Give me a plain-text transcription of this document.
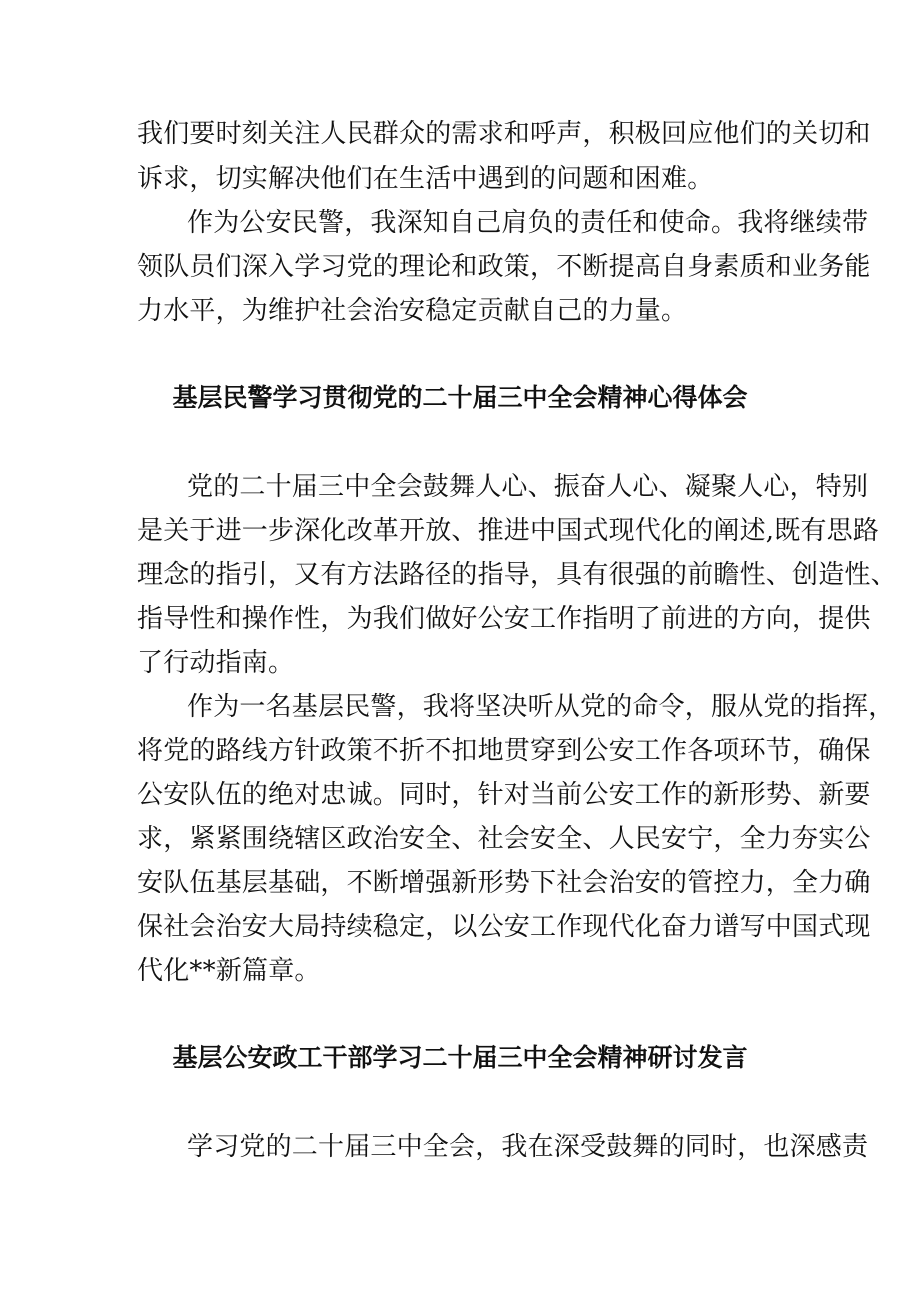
我们要时刻关注人民群众的需求和呼声，积极回应他们的关切和
诉求，切实解决他们在生活中遇到的问题和困难。
作为公安民警，我深知自己肩负的责任和使命。我将继续带
领队员们深入学习党的理论和政策，不断提高自身素质和业务能
力水平，为维护社会治安稳定贡献自己的力量。
基层民警学习贯彻党的二十届三中全会精神心得体会
党的二十届三中全会鼓舞人心、振奋人心、凝聚人心，特别
是关于进一步深化改革开放、推进中国式现代化的阐述,既有思路
理念的指引，又有方法路径的指导，具有很强的前瞻性、创造性、
指导性和操作性，为我们做好公安工作指明了前进的方向，提供
了行动指南。
作为一名基层民警，我将坚决听从党的命令，服从党的指挥，
将党的路线方针政策不折不扣地贯穿到公安工作各项环节，确保
公安队伍的绝对忠诚。同时，针对当前公安工作的新形势、新要
求，紧紧围绕辖区政治安全、社会安全、人民安宁，全力夯实公
安队伍基层基础，不断增强新形势下社会治安的管控力，全力确
保社会治安大局持续稳定，以公安工作现代化奋力谱写中国式现
代化**新篇章。
基层公安政工干部学习二十届三中全会精神研讨发言
学习党的二十届三中全会，我在深受鼓舞的同时，也深感责
